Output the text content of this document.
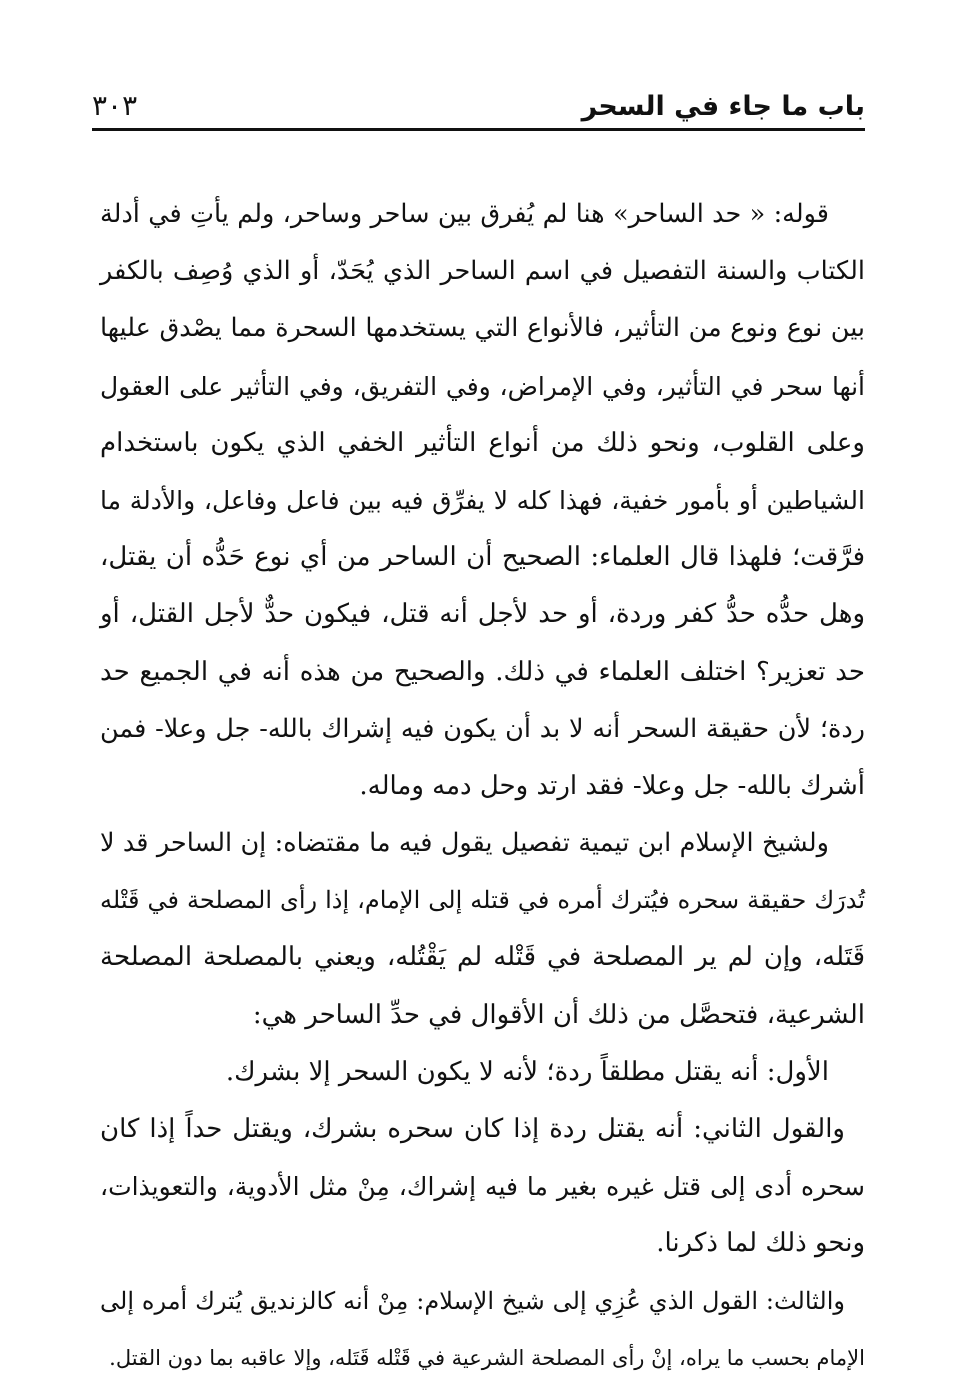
باب ما جاء في السحر
٣٠٣
قوله: « حد الساحر» هنا لم يُفرق بين ساحر وساحر، ولم يأتِ في أدلة
الكتاب والسنة التفصيل في اسم الساحر الذي يُحَدّ، أو الذي وُصِف بالكفر
بين نوع ونوع من التأثير، فالأنواع التي يستخدمها السحرة مما يصْدق عليها
أنها سحر في التأثير، وفي الإمراض، وفي التفريق، وفي التأثير على العقول
وعلى القلوب، ونحو ذلك من أنواع التأثير الخفي الذي يكون باستخدام
الشياطين أو بأمور خفية، فهذا كله لا يفرِّق فيه بين فاعل وفاعل، والأدلة ما
فرَّقت؛ فلهذا قال العلماء: الصحيح أن الساحر من أي نوع حَدُّه أن يقتل،
وهل حدُّه حدُّ كفر وردة، أو حد لأجل أنه قتل، فيكون حدٌّ لأجل القتل، أو
حد تعزير؟ اختلف العلماء في ذلك. والصحيح من هذه أنه في الجميع حد
ردة؛ لأن حقيقة السحر أنه لا بد أن يكون فيه إشراك بالله- جل وعلا- فمن
أشرك بالله- جل وعلا- فقد ارتد وحل دمه وماله.
ولشيخ الإسلام ابن تيمية تفصيل يقول فيه ما مقتضاه: إن الساحر قد لا
تُدرَك حقيقة سحره فيُترك أمره في قتله إلى الإمام، إذا رأى المصلحة في قَتْله
قَتَله، وإن لم ير المصلحة في قَتْله لم يَقْتُله، ويعني بالمصلحة المصلحة
الشرعية، فتحصَّل من ذلك أن الأقوال في حدِّ الساحر هي:
الأول: أنه يقتل مطلقاً ردة؛ لأنه لا يكون السحر إلا بشرك.
والقول الثاني: أنه يقتل ردة إذا كان سحره بشرك، ويقتل حداً إذا كان
سحره أدى إلى قتل غيره بغير ما فيه إشراك، مِنْ مثل الأدوية، والتعويذات،
ونحو ذلك لما ذكرنا.
والثالث: القول الذي عُزِي إلى شيخ الإسلام: مِنْ أنه كالزنديق يُترك أمره إلى
الإمام بحسب ما يراه، إنْ رأى المصلحة الشرعية في قَتْله قَتَله، وإلا عاقبه بما دون القتل.
